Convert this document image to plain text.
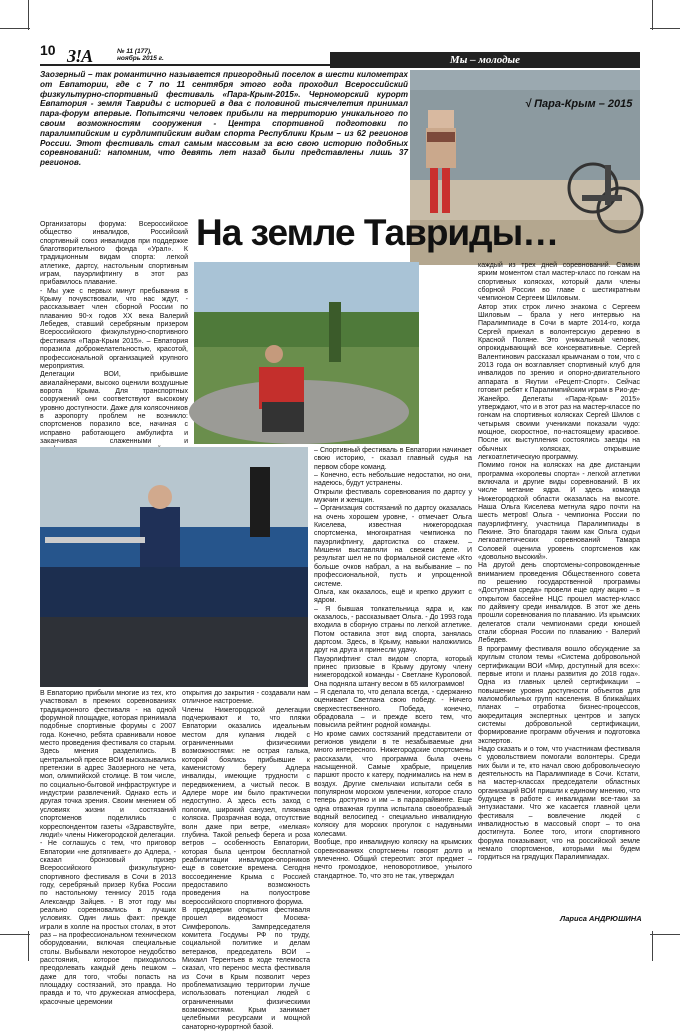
10 З!А	№ 11 (177),
ноябрь 2015 г.	Мы – молодые

Заозерный – так романтично называется пригородный поселок в шести километрах от Евпатории, где с 7 по 11 сентября этого года проходил Всероссийский физкультурно-спортивный фестиваль «Пара-Крым-2015». Черноморский курорт Евпатория - земля Тавриды с историей в два с половиной тысячелетия принимал пара-форум впервые. Попытсячи человек прибыли на территорию уникального по своим возможностям сооружения - Центра спортивной подготовки по паралимпийским и сурдлимпийским видам спорта Республики Крым – из 62 регионов России. Этот фестиваль стал самым массовым за всю свою историю подобных соревнований: напомним, что девять лет назад были представлены лишь 37 регионов.

√ Пара-Крым – 2015

Организаторы форума: Всероссийское общество инвалидов, Российский спортивный союз инвалидов при поддержке благотворительного фонда «Урал». К традиционным видам спорта: легкой атлетике, дартсу, настольным спортивным играм, пауэрлифтингу в этот раз прибавилось плавание.
- Мы уже с первых минут пребывания в Крыму почувствовали, что нас ждут, - рассказывает член сборной России по плаванию 90-х годов ХХ века Валерий Лебедев, ставший серебряным призером Всероссийского физкультурно-спортивного фестиваля «Пара-Крым 2015». – Евпатория поразила доброжелательностью, красотой, профессиональной организацией крупного мероприятия.
Делегации ВОИ, прибывшие авиалайнерами, высоко оценили воздушные ворота Крыма. Для транспортных сооружений они соответствуют высокому уровню доступности. Даже для колясочников в аэропорту проблем не возникло: спортсменов поразило все, начиная с исправно работающего амбулифта и заканчивая слаженными и

На земле Тавриды…

В Евпаторию прибыли многие из тех, кто участвовал в прежних соревнованиях традиционного фестиваля - на одной форумной площадке, которая принимала подобные спортивные форумы с 2007 года. Конечно, ребята сравнивали новое место проведения фестиваля со старым. Здесь мнения разделились. В центральной прессе ВОИ высказывались претензии в адрес Заозерного не чета, мол, олимпийской столице. В том числе, по социально-бытовой инфраструктуре и индустрии развлечений. Однако есть и другая точка зрения. Своим мнением об условиях жизни и состязаний спортсменов поделились с корреспондентом газеты «Здравствуйте, люди!» члены Нижегородской делегации.
- Не соглашусь с тем, что приговор Евпатории «не дотягивает» до Адлера, - сказал бронзовый призер Всероссийского физкультурно-спортивного фестиваля в Сочи в 2013 году, серебряный призер Кубка России по настольному теннису 2015 года Александр Зайцев. - В этот году мы реально соревновались в лучших условиях. Один лишь факт: прежде играли в холле на простых столах, в этот раз – на профессиональном техническом оборудовании, включая специальные столы. Выбывали некоторое неудобство расстояния, которое приходилось преодолевать каждый день пешком – даже для того, чтобы попасть на площадку состязаний, это правда. Но правда и то, что дружеская атмосфера, красочные церемонии

открытия до закрытия - создавали нам отличное настроение.
Члены Нижегородской делегации подчеркивают и то, что пляжи Евпатории оказались идеальным местом для купания людей с ограниченными физическими возможностями: не острая галька, которой боялись прибывшие к каменистому берегу Адлера инвалиды, имеющие трудности с передвижением, а чистый песок. В Адлере море им было практически недоступно. А здесь есть заход с пологим, широкий санузел, пляжная коляска. Прозрачная вода, отсутствие волн даже при ветре, «мелкая» глубина. Такой рельеф берега и роза ветров – особенность Евпатории, которая была центром бесплатной реабилитации инвалидов-опорников еще в советские времена. Сегодня воссоединение Крыма с Россией предоставило возможность проведения на полуострове всероссийского спортивного форума.
В преддверии открытия фестиваля прошел видеомост Москва-Симферополь. Зампредседателя комитета Госдумы РФ по труду, социальной политике и делам ветеранов, председатель ВОИ – Михаил Терентьев в ходе телемоста сказал, что перенос места фестиваля из Сочи в Крым позволит через проблематизацию территории лучше использовать потенциал людей с ограниченными физическими возможностями. Крым занимает целебными ресурсами и мощной санаторно-курортной базой.

– Спортивный фестиваль в Евпатории начинает свою историю, - сказал главный судья на первом сборе команд.
– Конечно, есть небольшие недостатки, но они, надеюсь, будут устранены.
Открыли фестиваль соревнования по дартсу у мужчин и женщин.
– Организация состязаний по дартсу оказалась на очень хорошем уровне, - отмечает Ольга Киселева, известная нижегородская спортсменка, многократная чемпионка по пауэрлифтингу, дартсистка со стажем. – Мишени выставляли на свежем деле. И результат шел не по формальной системе «Кто больше очков набрал, а на выбывание – по профессиональной, пусть и упрощенной системе.
Ольга, как оказалось, ещё и крепко дружит с ядром.
– Я бывшая толкательница ядра и, как оказалось, - рассказывает Ольга. - До 1993 года входила в сборную страны по легкой атлетике. Потом оставила этот вид спорта, занялась дартсом. Здесь, в Крыму, навыки наложились друг на друга и принесли удачу.
Пауэрлифтинг стал видом спорта, который принес призовые в Крыму другому члену нижегородской команды - Светлане Куроловой. Она подняла штангу весом в 65 килограммов!
– Я сделала то, что делала всегда, - сдержанно оценивает Светлана свою победу. - Ничего сверхестественного. Победа, конечно, обрадовала – и прежде всего тем, что повысила рейтинг родной команды.
Но кроме самих состязаний представители от регионов увидели в те незабываемые дни много интересного. Нижегородские спортсмены рассказали, что программа была очень насыщенной. Самые храбрые, прицелив паршют просто к катеру, поднимались на нем в воздух. Другие смельчаки испытали себя в популярном морском увлечении, которое стало теперь доступно и им – в параорайвинге. Еще одна отважная группа испытала своеобразный водный велосипед - специально инвалидную коляску для морских прогулок с надувными колесами.
Вообще, про инвалидную коляску на крымских соревнованиях спортсмены говорят долго и увлеченно. Общий стереотип: этот предмет – нечто громоздкое, неповоротливое, унылого стандартное. То, что это не так, утверждал

каждый из трех дней соревнований. Самым ярким моментом стал мастер-класс по гонкам на спортивных колясках, который дали члены сборной России во главе с шестикратным чемпионом Сергеем Шиловым.
Автор этих строк лично знакома с Сергеем Шиловым – брала у него интервью на Паралимпиаде в Сочи в марте 2014-го, когда Сергей приехал в волонтерскую деревню в Красной Поляне. Это уникальный человек, опрокидывающий все консервативные. Сергей Валентинович рассказал крымчанам о том, что с 2013 года он возглавляет спортивный клуб для инвалидов по зрению и опорно-двигательного аппарата в Якутии «Рецепт-Спорт». Сейчас готовит ребят к Паралимпийским играм в Рио-де-Жанейро. Делегаты «Пара-Крым- 2015» утверждают, что и в этот раз на мастер-классе по гонкам на спортивных колясках Сергей Шилов с четырьмя своими учениками показали чудо: мощное, скоростное, по-настоящему красивое. После их выступления состоялись заезды на обычных колясках, открывшие легкоатлетическую программу.
Помимо гонок на колясках на две дистанции программа «королевы спорта» - легкой атлетики включала и другие виды соревнований. В их числе метание ядра. И здесь команда Нижегородской области оказалась на высоте. Наша Ольга Киселева метнула ядро почти на шесть метров! Ольга - чемпионка России по пауэрлифтингу, участница Паралимпиады в Пекине. Это благодаря таким как Ольга судьи легкоатлетических соревнований Тамара Соловей оценила уровень спортсменов как «довольно высокий».
На другой день спортсмены-сопровожденные вниманием проведения Общественного совета по решению государственной программы «Доступная среда» провели еще одну акцию – в открытом бассейне НЦС прошел мастер-класс по дайвингу среди инвалидов. В этот же день прошли соревнования по плаванию. Из крымских делегатов стали чемпионами среди юношей стали сборная России по плаванию - Валерий Лебедев.
В программу фестиваля вошло обсуждение за круглым столом темы «Система добровольной сертификации ВОИ «Мир, доступный для всех»: первые итоги и планы развития до 2018 года». Одна из главных целей сертификации – повышение уровня доступности объектов для маломобильных групп населения. В ближайших планах – отработка бизнес-процессов, аккредитация экспертных центров и запуск системы добровольной сертификации, формирование программ обучения и подготовка экспертов.
Надо сказать и о том, что участникам фестиваля с удовольствием помогали волонтеры. Среди них были и те, кто начал свою добровольческую деятельность на Паралимпиаде в Сочи. Кстати, на мастер-классах председатели областных организаций ВОИ пришли к единому мнению, что будущее в работе с инвалидами все-таки за энтузиастами. Что же касается главной цели фестиваля – вовлечение людей с инвалидностью в массовый спорт – то она достигнута. Более того, итоги спортивного форума показывают, что на российской земле немало спортсменов, которыми мы будем гордиться на грядущих Паралимпиадах.

Лариса АНДРЮШИНА
